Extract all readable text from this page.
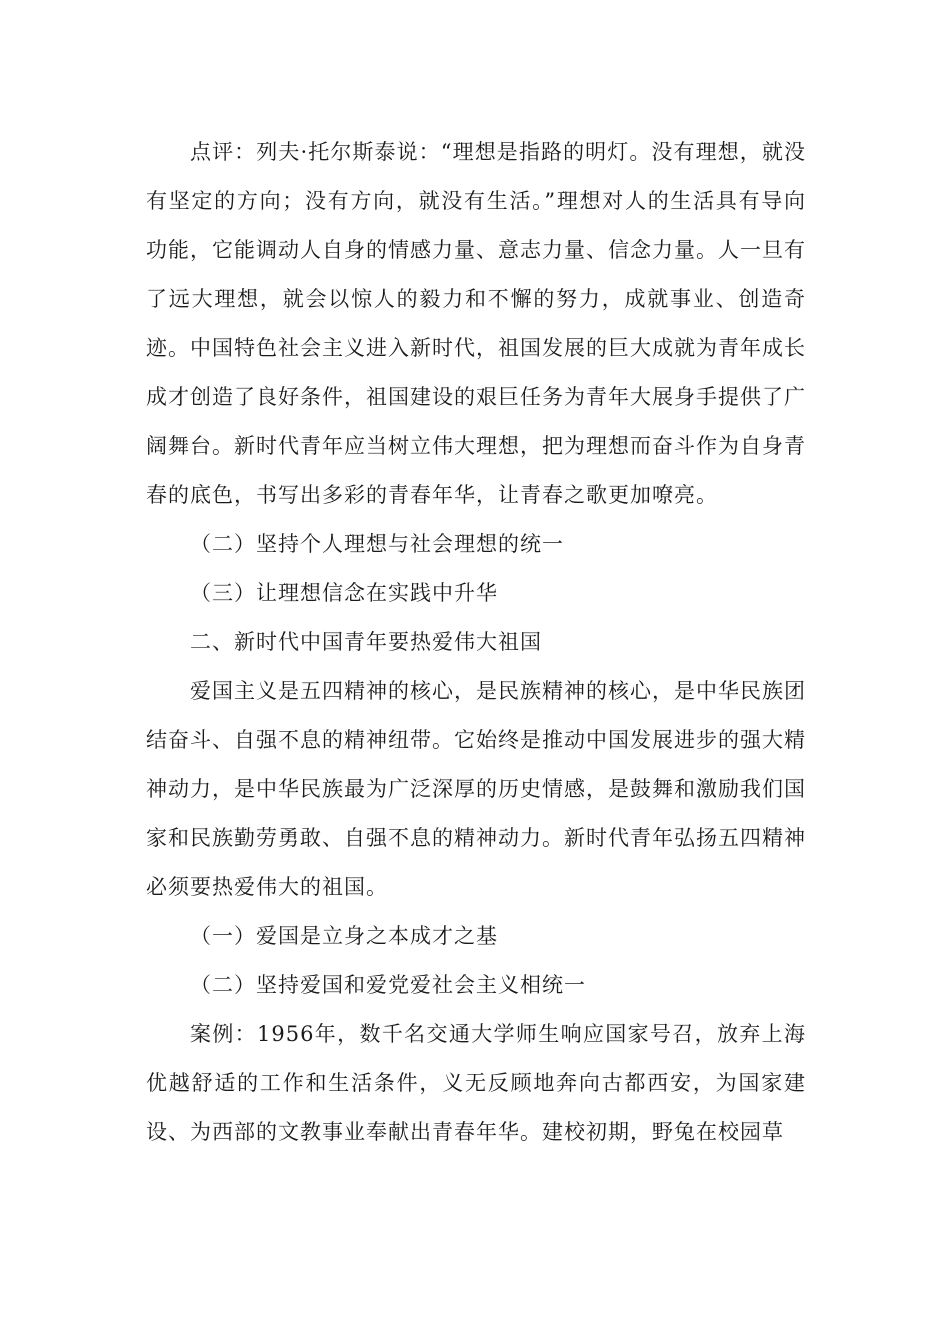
点评：列夫·托尔斯泰说：“理想是指路的明灯。没有理想，就没有坚定的方向；没有方向，就没有生活。”理想对人的生活具有导向功能，它能调动人自身的情感力量、意志力量、信念力量。人一旦有了远大理想，就会以惊人的毅力和不懈的努力，成就事业、创造奇迹。中国特色社会主义进入新时代，祖国发展的巨大成就为青年成长成才创造了良好条件，祖国建设的艰巨任务为青年大展身手提供了广阔舞台。新时代青年应当树立伟大理想，把为理想而奋斗作为自身青春的底色，书写出多彩的青春年华，让青春之歌更加嘹亮。

（二）坚持个人理想与社会理想的统一

（三）让理想信念在实践中升华

二、新时代中国青年要热爱伟大祖国

爱国主义是五四精神的核心，是民族精神的核心，是中华民族团结奋斗、自强不息的精神纽带。它始终是推动中国发展进步的强大精神动力，是中华民族最为广泛深厚的历史情感，是鼓舞和激励我们国家和民族勤劳勇敢、自强不息的精神动力。新时代青年弘扬五四精神必须要热爱伟大的祖国。

（一）爱国是立身之本成才之基

（二）坚持爱国和爱党爱社会主义相统一

案例：1956年，数千名交通大学师生响应国家号召，放弃上海优越舒适的工作和生活条件，义无反顾地奔向古都西安，为国家建设、为西部的文教事业奉献出青春年华。建校初期，野兔在校园草
